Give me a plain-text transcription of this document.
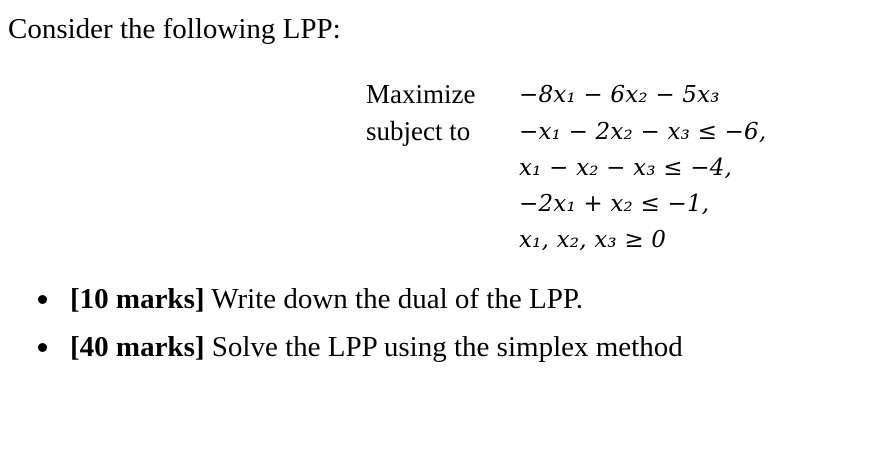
Consider the following LPP:
Maximize
subject to
−8x₁ − 6x₂ − 5x₃
−x₁ − 2x₂ − x₃ ≤ −6,
x₁ − x₂ − x₃ ≤ −4,
−2x₁ + x₂ ≤ −1,
x₁, x₂, x₃ ≥ 0
[10 marks] Write down the dual of the LPP.
[40 marks] Solve the LPP using the simplex method
